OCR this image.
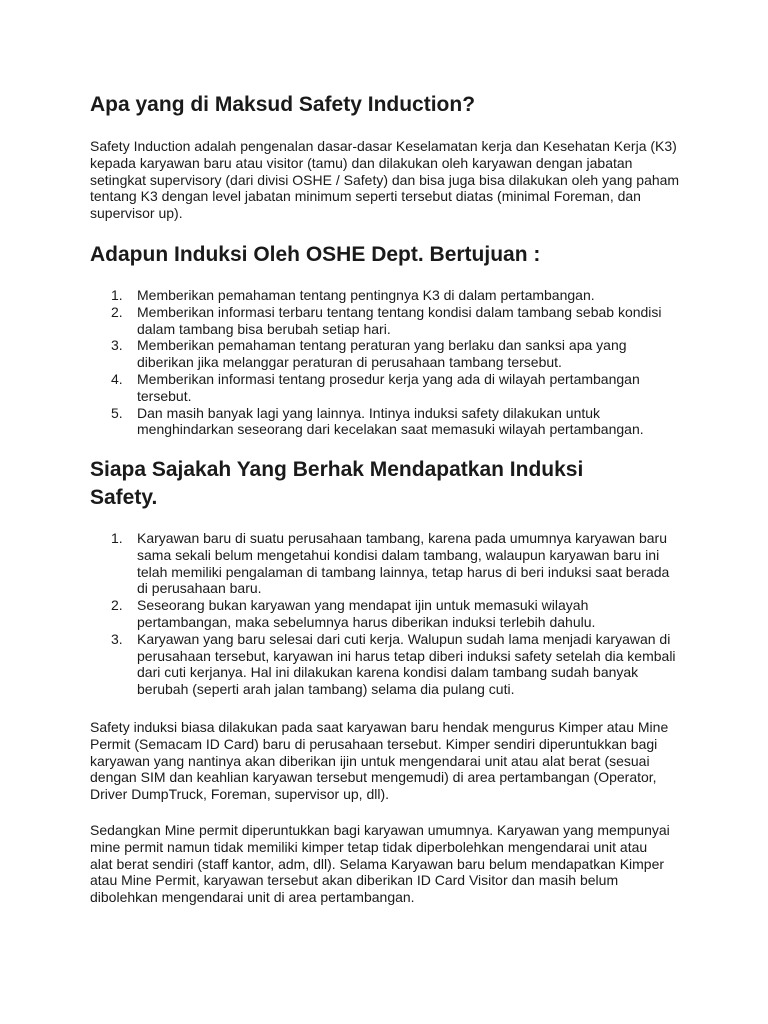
Apa yang di Maksud Safety Induction?

Safety Induction adalah pengenalan dasar-dasar Keselamatan kerja dan Kesehatan Kerja (K3) kepada karyawan baru atau visitor (tamu) dan dilakukan oleh karyawan dengan jabatan setingkat supervisory (dari divisi OSHE / Safety) dan bisa juga bisa dilakukan oleh yang paham tentang K3 dengan level jabatan minimum seperti tersebut diatas (minimal Foreman, dan supervisor up).

Adapun Induksi Oleh OSHE Dept. Bertujuan :
1. Memberikan pemahaman tentang pentingnya K3 di dalam pertambangan.
2. Memberikan informasi terbaru tentang tentang kondisi dalam tambang sebab kondisi dalam tambang bisa berubah setiap hari.
3. Memberikan pemahaman tentang peraturan yang berlaku dan sanksi apa yang diberikan jika melanggar peraturan di perusahaan tambang tersebut.
4. Memberikan informasi tentang prosedur kerja yang ada di wilayah pertambangan tersebut.
5. Dan masih banyak lagi yang lainnya. Intinya induksi safety dilakukan untuk menghindarkan seseorang dari kecelakan saat memasuki wilayah pertambangan.
Siapa Sajakah Yang Berhak Mendapatkan Induksi Safety.
1. Karyawan baru di suatu perusahaan tambang, karena pada umumnya karyawan baru sama sekali belum mengetahui kondisi dalam tambang, walaupun karyawan baru ini telah memiliki pengalaman di tambang lainnya, tetap harus di beri induksi saat berada di perusahaan baru.
2. Seseorang bukan karyawan yang mendapat ijin untuk memasuki wilayah pertambangan, maka sebelumnya harus diberikan induksi terlebih dahulu.
3. Karyawan yang baru selesai dari cuti kerja. Walupun sudah lama menjadi karyawan di perusahaan tersebut, karyawan ini harus tetap diberi induksi safety setelah dia kembali dari cuti kerjanya. Hal ini dilakukan karena kondisi dalam tambang sudah banyak berubah (seperti arah jalan tambang) selama dia pulang cuti.

Safety induksi biasa dilakukan pada saat karyawan baru hendak mengurus Kimper atau Mine Permit (Semacam ID Card) baru di perusahaan tersebut. Kimper sendiri diperuntukkan bagi karyawan yang nantinya akan diberikan ijin untuk mengendarai unit atau alat berat (sesuai dengan SIM dan keahlian karyawan tersebut mengemudi) di area pertambangan (Operator, Driver DumpTruck, Foreman, supervisor up, dll).

Sedangkan Mine permit diperuntukkan bagi karyawan umumnya. Karyawan yang mempunyai mine permit namun tidak memiliki kimper tetap tidak diperbolehkan mengendarai unit atau alat berat sendiri (staff kantor, adm, dll). Selama Karyawan baru belum mendapatkan Kimper atau Mine Permit, karyawan tersebut akan diberikan ID Card Visitor dan masih belum dibolehkan mengendarai unit di area pertambangan.
